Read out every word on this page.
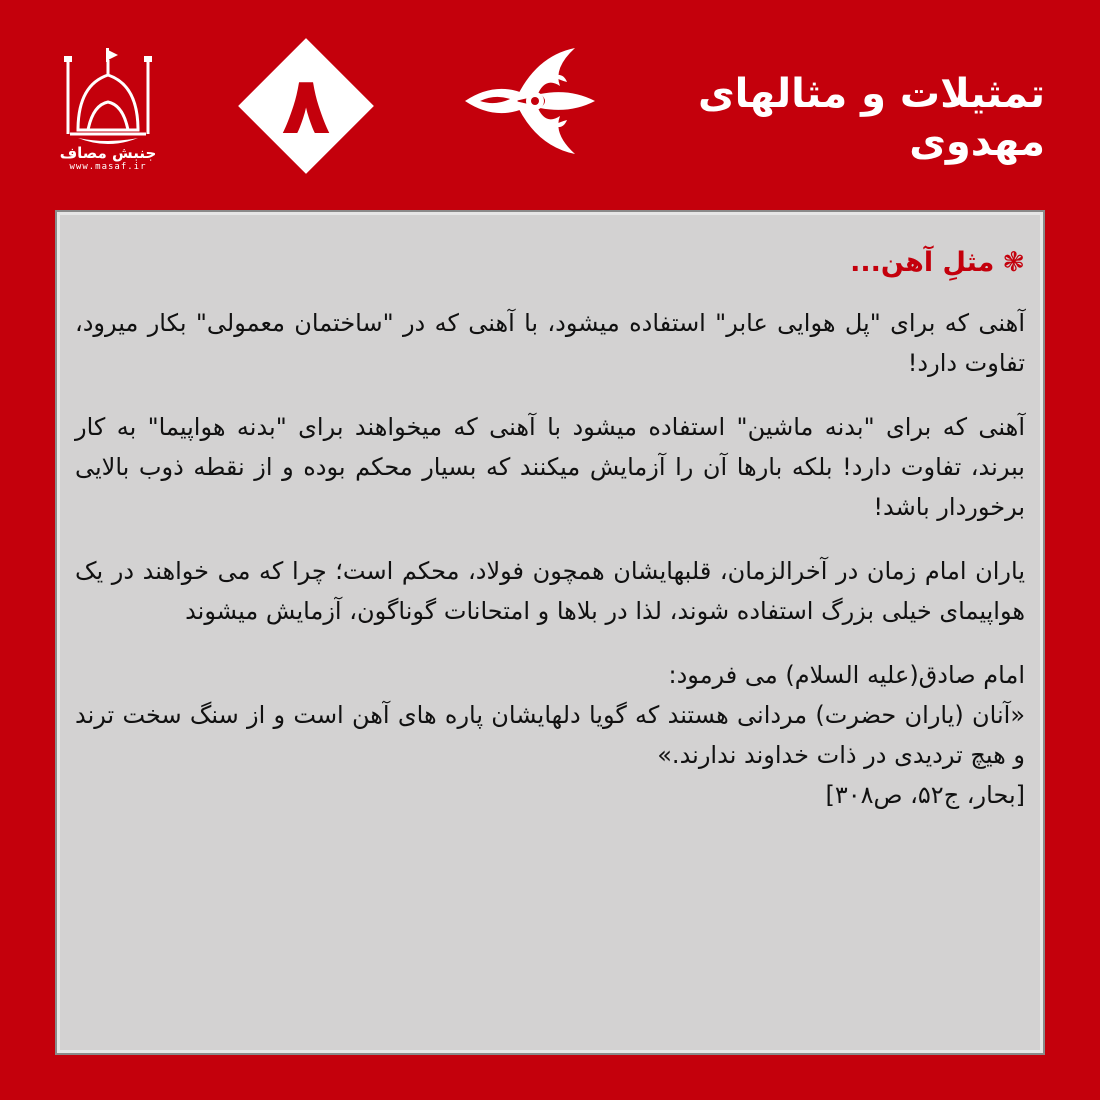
جنبش مصاف
www.masaf.ir
۸	تمثیلات و مثالهای مهدوی
❃مثلِ آهن...

آهنی که برای "پل هوایی عابر" استفاده میشود، با آهنی که در "ساختمان معمولی" بکار میرود، تفاوت دارد!

آهنی که برای "بدنه ماشین" استفاده میشود با آهنی که میخواهند برای "بدنه هواپیما" به کار ببرند، تفاوت دارد! بلکه بارها آن را آزمایش میکنند که بسیار محکم بوده و از نقطه ذوب بالایی برخوردار باشد!

یاران امام زمان در آخرالزمان، قلبهایشان همچون فولاد، محکم است؛ چرا که می خواهند در یک هواپیمای خیلی بزرگ استفاده شوند، لذا در بلاها و امتحانات گوناگون، آزمایش میشوند

امام صادق(علیه السلام) می فرمود:
«آنان (یاران حضرت) مردانی هستند که گویا دلهایشان پاره های آهن است و از سنگ سخت ترند و هیچ تردیدی در ذات خداوند ندارند.»
[بحار، ج۵۲، ص۳۰۸]
